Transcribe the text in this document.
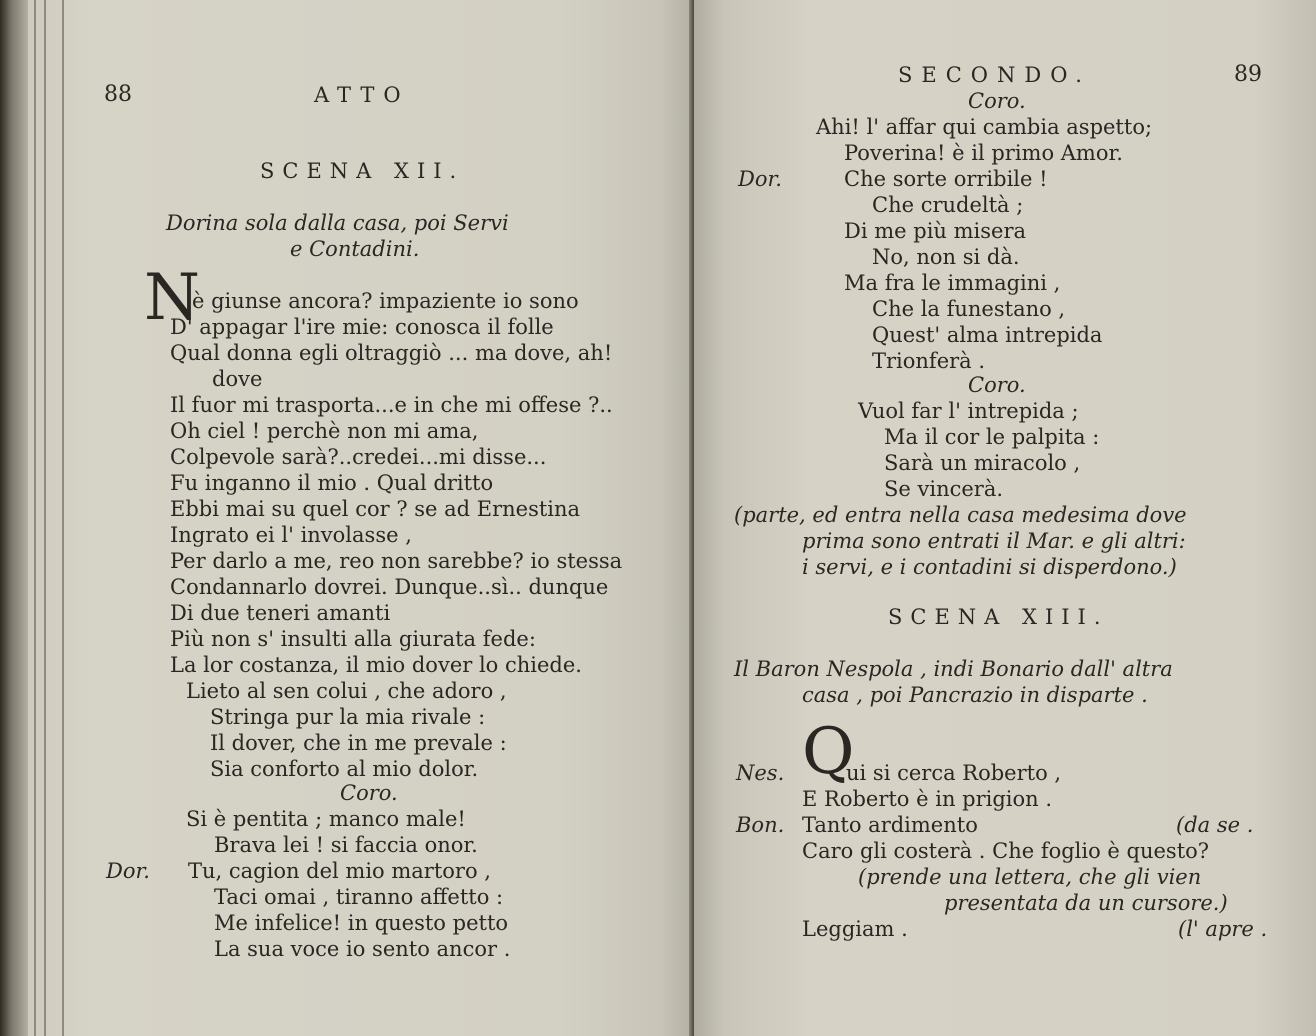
88	ATTO
SCENA XII.
Dorina sola dalla casa, poi Servi
e Contadini.
N
è giunse ancora? impaziente io sono
D' appagar l'ire mie: conosca il folle
Qual donna egli oltraggiò ... ma dove, ah!
dove
Il fuor mi trasporta...e in che mi offese ?..
Oh ciel ! perchè non mi ama,
Colpevole sarà?..credei...mi disse...
Fu inganno il mio . Qual dritto
Ebbi mai su quel cor ? se ad Ernestina
Ingrato ei l' involasse ,
Per darlo a me, reo non sarebbe? io stessa
Condannarlo dovrei. Dunque..sì.. dunque
Di due teneri amanti
Più non s' insulti alla giurata fede:
La lor costanza, il mio dover lo chiede.
Lieto al sen colui , che adoro ,
Stringa pur la mia rivale :
Il dover, che in me prevale :
Sia conforto al mio dolor.
Coro.
Si è pentita ; manco male!
Brava lei ! si faccia onor.
Dor. Tu, cagion del mio martoro ,
Taci omai , tiranno affetto :
Me infelice! in questo petto
La sua voce io sento ancor .
SECONDO.	89
Coro.
Ahi! l' affar qui cambia aspetto;
Poverina! è il primo Amor.
Dor.	Che sorte orribile !
Che crudeltà ;
Di me più misera
No, non si dà.
Ma fra le immagini ,
Che la funestano ,
Quest' alma intrepida
Trionferà .
Coro.
Vuol far l' intrepida ;
Ma il cor le palpita :
Sarà un miracolo ,
Se vincerà.
(parte, ed entra nella casa medesima dove
prima sono entrati il Mar. e gli altri:
i servi, e i contadini si disperdono.)
SCENA XIII.
Il Baron Nespola , indi Bonario dall' altra
casa , poi Pancrazio in disparte .
Nes. Q
ui si cerca Roberto ,
E Roberto è in prigion .
Bon. Tanto ardimento	(da se .
Caro gli costerà . Che foglio è questo?
(prende una lettera, che gli vien
presentata da un cursore.)
Leggiam .	(l' apre .
